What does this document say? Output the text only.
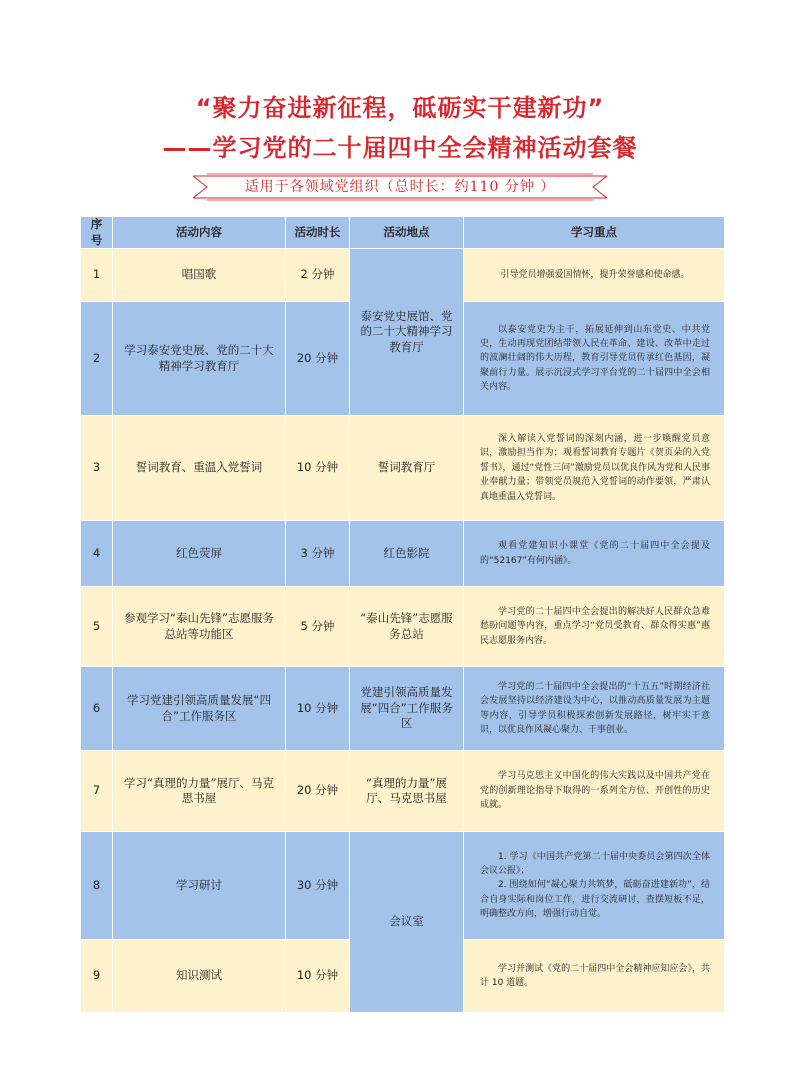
“聚力奋进新征程，砥砺实干建新功”
——学习党的二十届四中全会精神活动套餐
适用于各领域党组织（总时长：约110 分钟 ）
序号	活动内容	活动时长	活动地点	学习重点
1	唱国歌	2 分钟	泰安党史展馆、党的二十大精神学习教育厅	引导党员增强爱国情怀，提升荣誉感和使命感。
2	学习泰安党史展、党的二十大精神学习教育厅	20 分钟		以泰安党史为主干，拓展延伸到山东党史、中共党史，生动再现党团结带领人民在革命、建设、改革中走过的波澜壮阔的伟大历程，教育引导党员传承红色基因，凝聚前行力量。展示沉浸式学习平台党的二十届四中全会相关内容。

3	誓词教育、重温入党誓词	10 分钟	誓词教育厅	深入解读入党誓词的深刻内涵，进一步唤醒党员意识，激励担当作为；观看誓词教育专题片《贺页朵的入党誓书》，通过“党性三问”激励党员以优良作风为党和人民事业奉献力量；带领党员规范入党誓词的动作要领，严肃认真地重温入党誓词。

4	红色荧屏	3 分钟	红色影院	观看党建知识小课堂《党的二十届四中全会提及的“52167”有何内涵》。

5	参观学习“泰山先锋”志愿服务总站等功能区	5 分钟	“泰山先锋”志愿服务总站	学习党的二十届四中全会提出的解决好人民群众急难愁盼问题等内容，重点学习“党员受教育、群众得实惠”惠民志愿服务内容。

6	学习党建引领高质量发展“四合”工作服务区	10 分钟	党建引领高质量发展“四合”工作服务区	学习党的二十届四中全会提出的“十五五”时期经济社会发展坚持以经济建设为中心，以推动高质量发展为主题等内容，引导学员积极探索创新发展路径，树牢实干意识，以优良作风凝心聚力、干事创业。

7	学习“真理的力量”展厅、马克思书屋	20 分钟	“真理的力量”展厅、马克思书屋	学习马克思主义中国化的伟大实践以及中国共产党在党的创新理论指导下取得的一系列全方位、开创性的历史成就。

8	学习研讨	30 分钟	会议室	1. 学习《中国共产党第二十届中央委员会第四次全体会议公报》；
2. 围绕如何“凝心聚力共筑梦，砥砺奋进建新功”，结合自身实际和岗位工作，进行交流研讨，查摆短板不足，明确整改方向，增强行动自觉。

9	知识测试	10 分钟		学习并测试《党的二十届四中全会精神应知应会》，共计 10 道题。
